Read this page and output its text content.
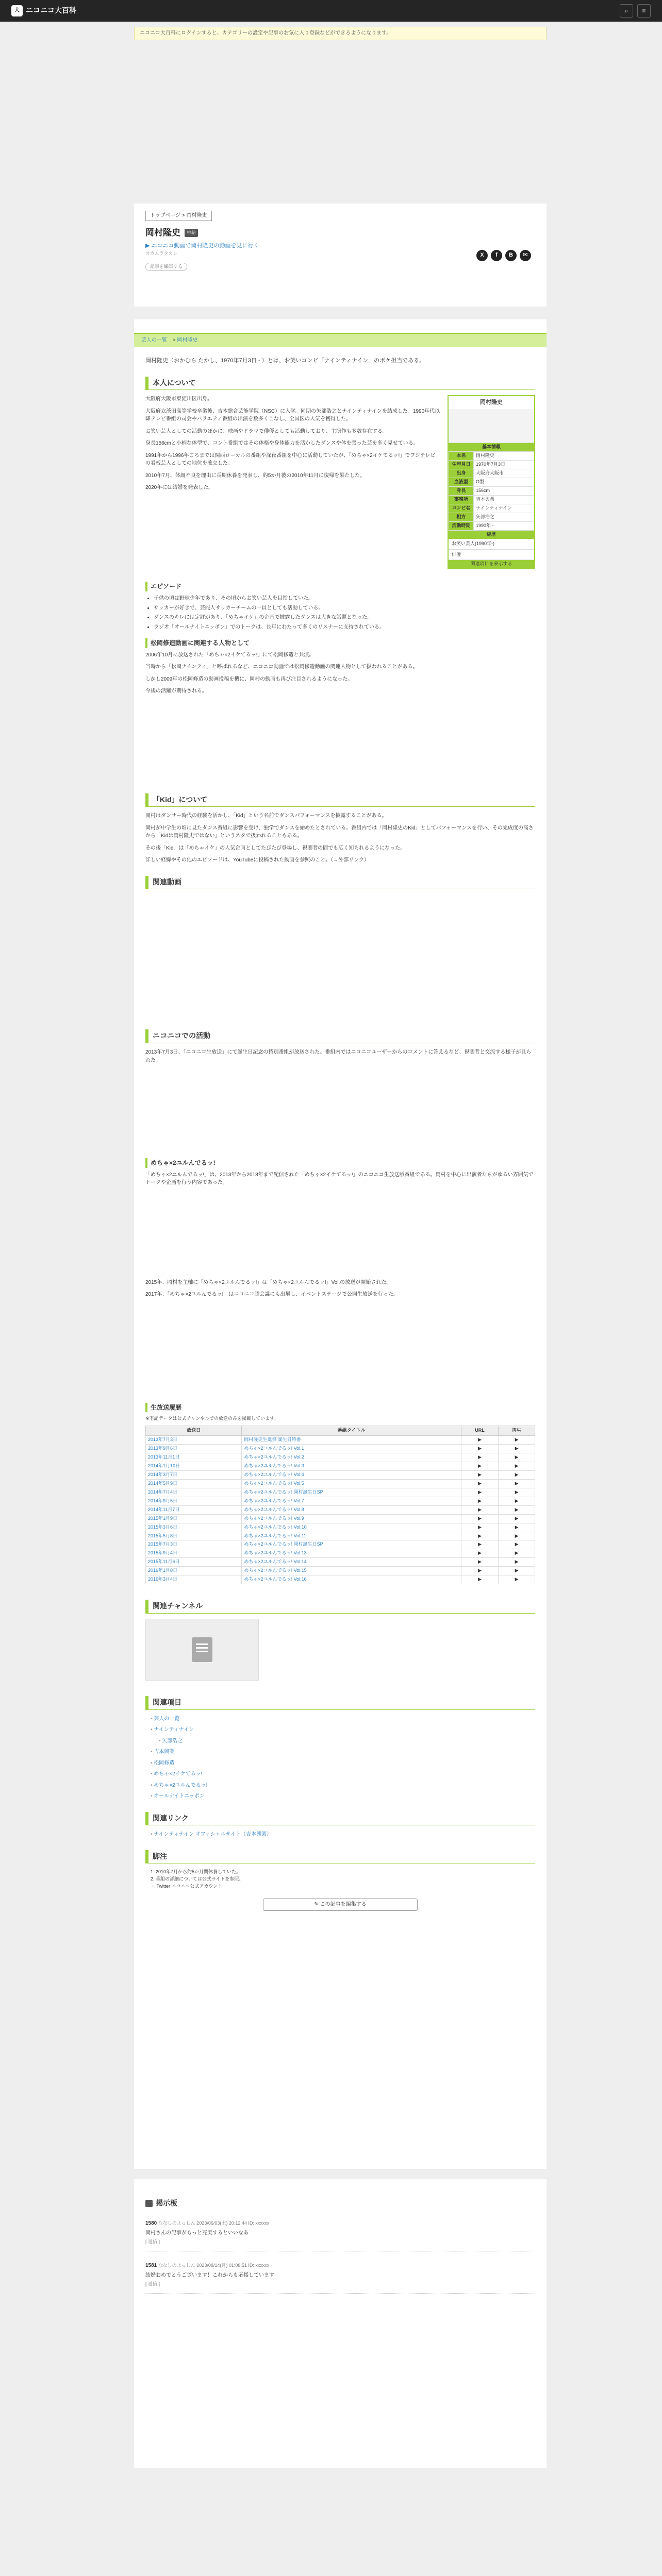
大 ニコニコ大百科	⌕	≡
ニコニコ大百科にログインすると、カテゴリーの設定や記事のお気に入り登録などができるようになります。
トップページ > 岡村隆史
岡村隆史	単語
▶ ニコニコ動画で岡村隆史の動画を見に行く
オカムラタカシ
記事を編集する
X	f	B	✉
芸人の一覧 > 岡村隆史

岡村隆史（おかむら たかし、1970年7月3日 - ）とは、お笑いコンビ「ナインティナイン」のボケ担当である。

本人について
岡村隆史
基本情報
本名	岡村隆史
生年月日	1970年7月3日
出身	大阪府大阪市
血液型	O型
身長	156cm
事務所	吉本興業
コンビ名	ナインティナイン
相方	矢部浩之
活動時期	1990年 -
経歴
お笑い芸人(1990年-)
俳優
関連項目を表示する

大阪府大阪市東淀川区出身。

大阪府立茨田高等学校卒業後、吉本総合芸能学院（NSC）に入学。同期の矢部浩之とナインティナインを結成した。1990年代以降テレビ番組の司会やバラエティ番組の出演を数多くこなし、全国区の人気を獲得した。

お笑い芸人としての活動のほかに、映画やドラマで俳優としても活動しており、主演作も多数存在する。

身長156cmと小柄な体型で、コント番組ではその体格や身体能力を活かしたダンスや体を張った芸を多く見せている。

1991年から1996年ごろまでは関西ローカルの番組や深夜番組を中心に活動していたが、「めちゃ×2イケてるッ!」でフジテレビの看板芸人としての地位を確立した。

2010年7月、体調不良を理由に長期休養を発表し、約5か月後の2010年11月に復帰を果たした。

2020年には結婚を発表した。

エピソード
• 子供の頃は野球少年であり、その頃からお笑い芸人を目指していた。
• サッカーが好きで、芸能人サッカーチームの一員としても活動している。
• ダンスのキレには定評があり、「めちゃイケ」の企画で披露したダンスは大きな話題となった。
• ラジオ「オールナイトニッポン」でのトークは、長年にわたって多くのリスナーに支持されている。
松岡修造動画に関連する人物として

2006年10月に放送された「めちゃ×2イケてるッ!」にて松岡修造と共演。

当時から「松岡ナインティ」と呼ばれるなど、ニコニコ動画では松岡修造動画の関連人物として扱われることがある。

しかし2009年の松岡修造の動画投稿を機に、岡村の動画も再び注目されるようになった。

今後の活躍が期待される。

「Kid」について

岡村はダンサー時代の経験を活かし、「Kid」という名前でダンスパフォーマンスを披露することがある。

岡村が中学生の頃に見たダンス番組に影響を受け、独学でダンスを始めたとされている。番組内では「岡村隆史のKid」としてパフォーマンスを行い、その完成度の高さから「Kidは岡村隆史ではない」というネタで扱われることもある。

その後「Kid」は「めちゃイケ」の人気企画としてたびたび登場し、視聴者の間でも広く知られるようになった。

詳しい経緯やその他のエピソードは、YouTubeに投稿された動画を参照のこと。（→外部リンク）

関連動画
ニコニコでの活動

2013年7月3日、「ニコニコ生放送」にて誕生日記念の特別番組が放送された。番組内ではニコニコユーザーからのコメントに答えるなど、視聴者と交流する様子が見られた。

めちゃ×2ユルんでるッ!

「めちゃ×2ユルんでるッ!」は、2013年から2018年まで配信された「めちゃ×2イケてるッ!」のニコニコ生放送版番組である。岡村を中心に出演者たちがゆるい雰囲気でトークや企画を行う内容であった。

2015年、岡村を主軸に「めちゃ×2ユルんでるッ!」は「めちゃ×2ユルんでるッ!」Vol.の放送が開始された。

2017年、「めちゃ×2ユルんでるッ!」はニコニコ超会議にも出展し、イベントステージで公開生放送を行った。

生放送履歴
※下記データは公式チャンネルでの放送のみを掲載しています。
放送日	番組タイトル	URL	再生
2013年7月3日	岡村隆史生誕祭 誕生日特番	▶	▶
2013年9月6日	めちゃ×2ユルんでるッ! Vol.1	▶	▶
2013年11月1日	めちゃ×2ユルんでるッ! Vol.2	▶	▶
2014年1月10日	めちゃ×2ユルんでるッ! Vol.3	▶	▶
2014年3月7日	めちゃ×2ユルんでるッ! Vol.4	▶	▶
2014年5月9日	めちゃ×2ユルんでるッ! Vol.5	▶	▶
2014年7月4日	めちゃ×2ユルんでるッ! 岡村誕生日SP	▶	▶
2014年9月5日	めちゃ×2ユルんでるッ! Vol.7	▶	▶
2014年11月7日	めちゃ×2ユルんでるッ! Vol.8	▶	▶
2015年1月9日	めちゃ×2ユルんでるッ! Vol.9	▶	▶
2015年3月6日	めちゃ×2ユルんでるッ! Vol.10	▶	▶
2015年5月8日	めちゃ×2ユルんでるッ! Vol.11	▶	▶
2015年7月3日	めちゃ×2ユルんでるッ! 岡村誕生日SP	▶	▶
2015年9月4日	めちゃ×2ユルんでるッ! Vol.13	▶	▶
2015年11月6日	めちゃ×2ユルんでるッ! Vol.14	▶	▶
2016年1月8日	めちゃ×2ユルんでるッ! Vol.15	▶	▶
2016年3月4日	めちゃ×2ユルんでるッ! Vol.16	▶	▶
関連チャンネル
関連項目
• 芸人の一覧
• ナインティナイン
• 矢部浩之
• 吉本興業
• 松岡修造
• めちゃ×2イケてるッ!
• めちゃ×2ユルんでるッ!
• オールナイトニッポン
関連リンク
• ナインティナイン オフィシャルサイト（吉本興業）
脚注
1. 2010年7月から約5か月間休養していた。
2. 番組の詳細については公式サイトを参照。
・ Twitter ニコニコ公式アカウント
✎ この記事を編集する
掲示板
1580 ななしのよっしん 2023/06/03(土) 20:12:44 ID: xxxxxx
岡村さんの記事がもっと充実するといいなあ
[ 返信 ]
1581 ななしのよっしん 2023/08/14(月) 01:08:51 ID: xxxxxx
結婚おめでとうございます！これからも応援しています
[ 返信 ]
